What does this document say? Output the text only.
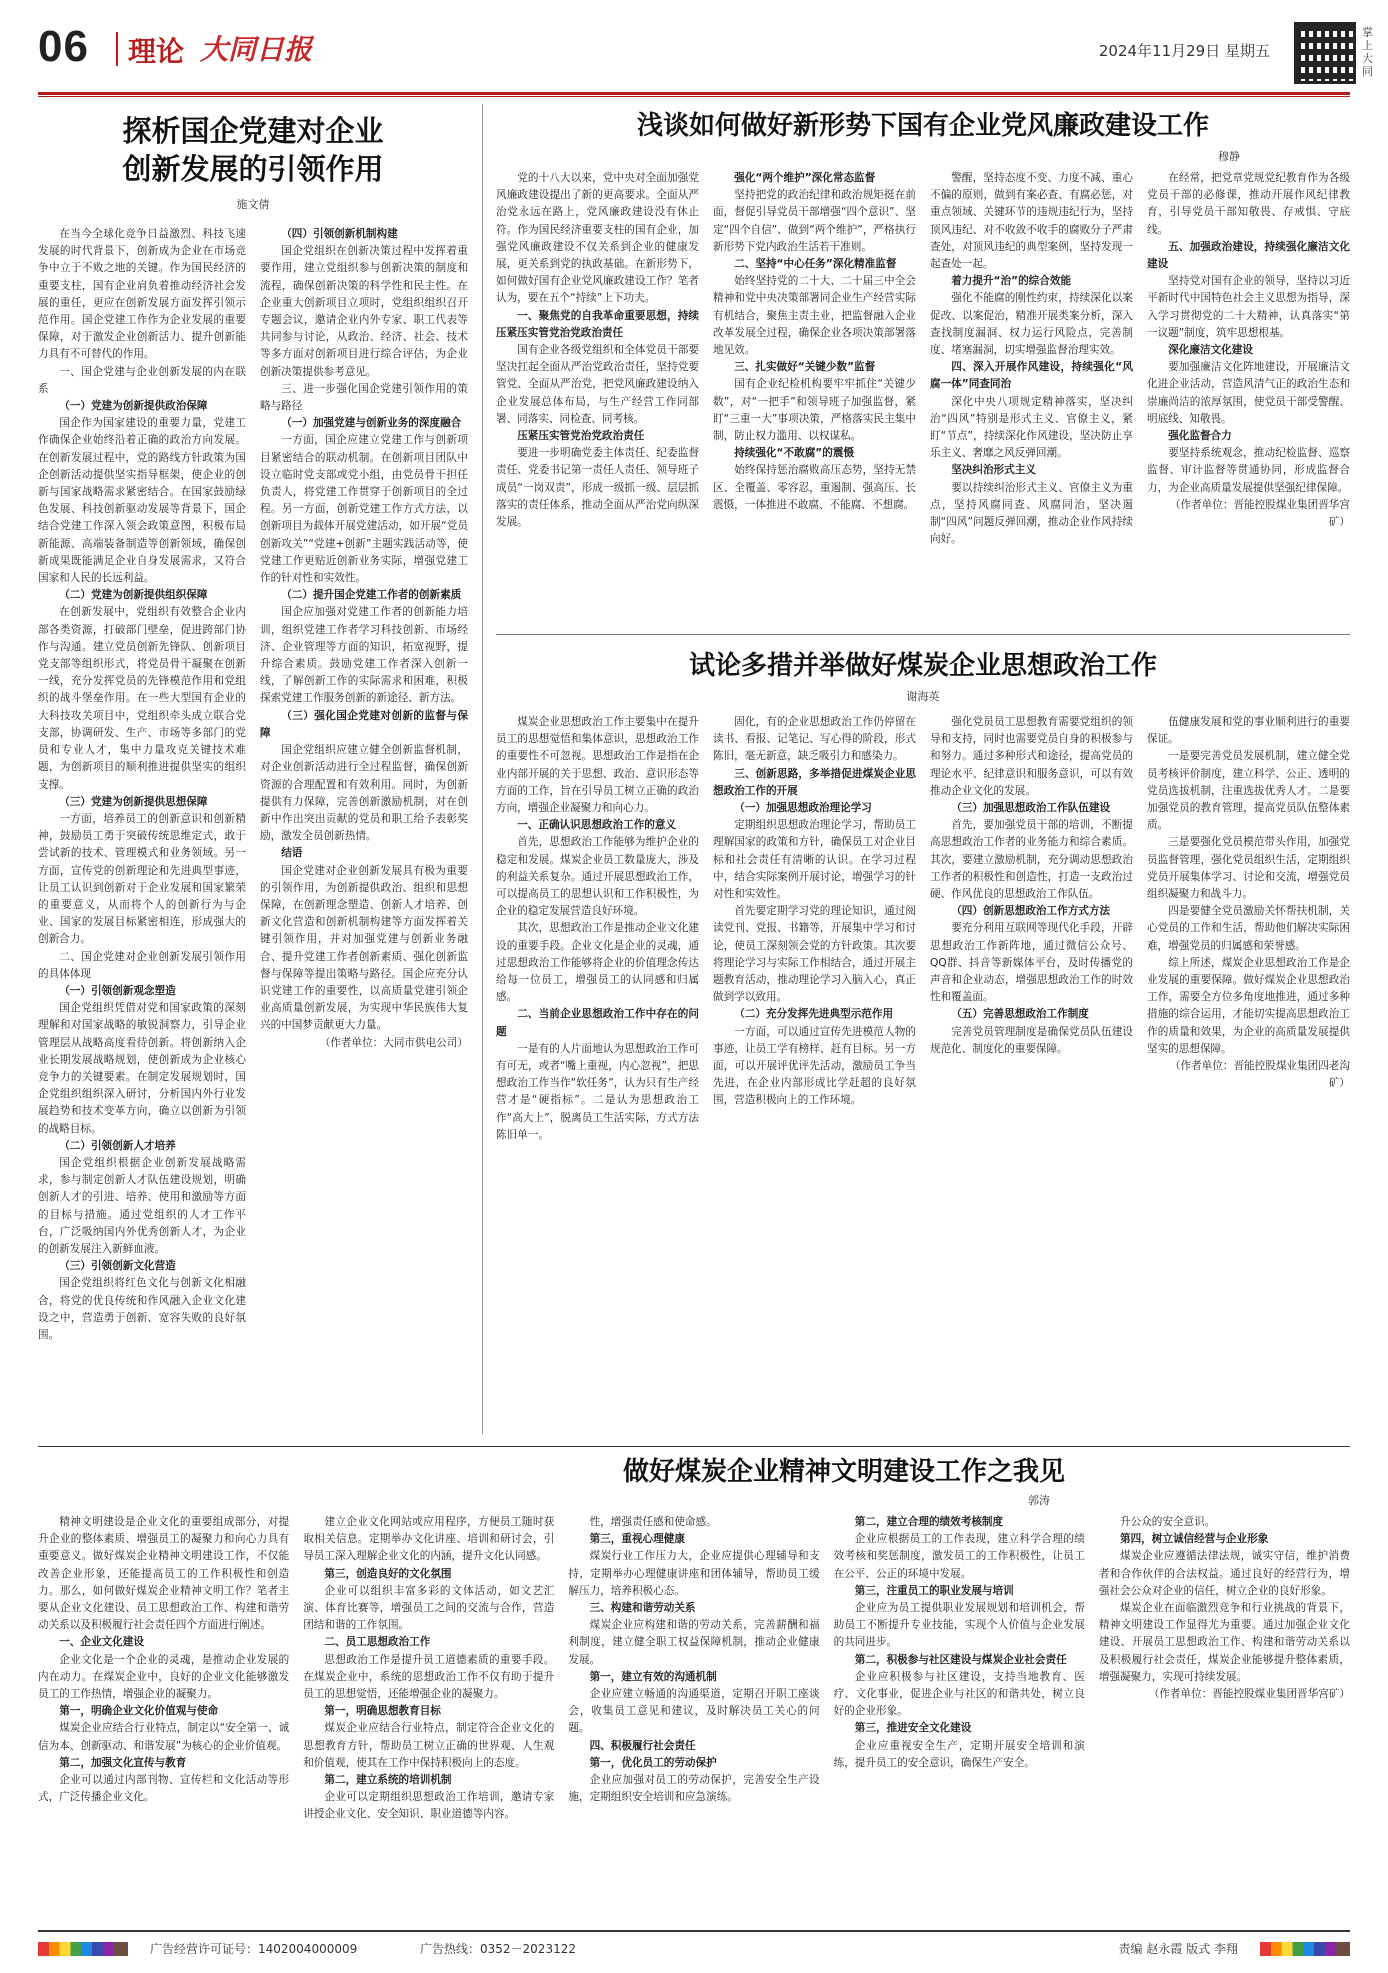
06 理论 大同日报	2024年11月29日 星期五
掌上大同
探析国企党建对企业
创新发展的引领作用
施文倩

在当今全球化竞争日益激烈、科技飞速发展的时代背景下，创新成为企业在市场竞争中立于不败之地的关键。作为国民经济的重要支柱，国有企业肩负着推动经济社会发展的重任，更应在创新发展方面发挥引领示范作用。国企党建工作作为企业发展的重要保障，对于激发企业创新活力、提升创新能力具有不可替代的作用。

一、国企党建与企业创新发展的内在联系

（一）党建为创新提供政治保障

国企作为国家建设的重要力量，党建工作确保企业始终沿着正确的政治方向发展。在创新发展过程中，党的路线方针政策为国企创新活动提供坚实指导框架，使企业的创新与国家战略需求紧密结合。在国家鼓励绿色发展、科技创新驱动发展等背景下，国企结合党建工作深入领会政策意图，积极布局新能源、高端装备制造等创新领域，确保创新成果既能满足企业自身发展需求，又符合国家和人民的长远利益。

（二）党建为创新提供组织保障

在创新发展中，党组织有效整合企业内部各类资源，打破部门壁垒，促进跨部门协作与沟通。建立党员创新先锋队、创新项目党支部等组织形式，将党员骨干凝聚在创新一线，充分发挥党员的先锋模范作用和党组织的战斗堡垒作用。在一些大型国有企业的大科技攻关项目中，党组织牵头成立联合党支部，协调研发、生产、市场等多部门的党员和专业人才，集中力量攻克关键技术难题，为创新项目的顺利推进提供坚实的组织支撑。

（三）党建为创新提供思想保障

一方面，培养员工的创新意识和创新精神，鼓励员工勇于突破传统思维定式，敢于尝试新的技术、管理模式和业务领域。另一方面，宣传党的创新理论和先进典型事迹，让员工认识到创新对于企业发展和国家繁荣的重要意义，从而将个人的创新行为与企业、国家的发展目标紧密相连，形成强大的创新合力。

二、国企党建对企业创新发展引领作用的具体体现

（一）引领创新观念塑造

国企党组织凭借对党和国家政策的深刻理解和对国家战略的敏锐洞察力，引导企业管理层从战略高度看待创新。将创新纳入企业长期发展战略规划，使创新成为企业核心竞争力的关键要素。在制定发展规划时，国企党组织组织深入研讨，分析国内外行业发展趋势和技术变革方向，确立以创新为引领的战略目标。

（二）引领创新人才培养

国企党组织根据企业创新发展战略需求，参与制定创新人才队伍建设规划，明确创新人才的引进、培养、使用和激励等方面的目标与措施。通过党组织的人才工作平台，广泛吸纳国内外优秀创新人才，为企业的创新发展注入新鲜血液。

（三）引领创新文化营造

国企党组织将红色文化与创新文化相融合，将党的优良传统和作风融入企业文化建设之中，营造勇于创新、宽容失败的良好氛围。

（四）引领创新机制构建

国企党组织在创新决策过程中发挥着重要作用，建立党组织参与创新决策的制度和流程，确保创新决策的科学性和民主性。在企业重大创新项目立项时，党组织组织召开专题会议，邀请企业内外专家、职工代表等共同参与讨论，从政治、经济、社会、技术等多方面对创新项目进行综合评估，为企业创新决策提供参考意见。

三、进一步强化国企党建引领作用的策略与路径

（一）加强党建与创新业务的深度融合

一方面，国企应建立党建工作与创新项目紧密结合的联动机制。在创新项目团队中设立临时党支部或党小组，由党员骨干担任负责人，将党建工作贯穿于创新项目的全过程。另一方面，创新党建工作方式方法，以创新项目为载体开展党建活动，如开展“党员创新攻关”“党建+创新”主题实践活动等，使党建工作更贴近创新业务实际，增强党建工作的针对性和实效性。

（二）提升国企党建工作者的创新素质

国企应加强对党建工作者的创新能力培训，组织党建工作者学习科技创新、市场经济、企业管理等方面的知识，拓宽视野，提升综合素质。鼓励党建工作者深入创新一线，了解创新工作的实际需求和困难，积极探索党建工作服务创新的新途径、新方法。

（三）强化国企党建对创新的监督与保障

国企党组织应建立健全创新监督机制，对企业创新活动进行全过程监督，确保创新资源的合理配置和有效利用。同时，为创新提供有力保障，完善创新激励机制，对在创新中作出突出贡献的党员和职工给予表彰奖励，激发全员创新热情。

结语

国企党建对企业创新发展具有极为重要的引领作用，为创新提供政治、组织和思想保障，在创新理念塑造、创新人才培养、创新文化营造和创新机制构建等方面发挥着关键引领作用，并对加强党建与创新业务融合、提升党建工作者创新素质、强化创新监督与保障等提出策略与路径。国企应充分认识党建工作的重要性，以高质量党建引领企业高质量创新发展，为实现中华民族伟大复兴的中国梦贡献更大力量。

（作者单位：大同市供电公司）

浅谈如何做好新形势下国有企业党风廉政建设工作
穆静

党的十八大以来，党中央对全面加强党风廉政建设提出了新的更高要求。全面从严治党永远在路上，党风廉政建设没有休止符。作为国民经济重要支柱的国有企业，加强党风廉政建设不仅关系到企业的健康发展，更关系到党的执政基础。在新形势下，如何做好国有企业党风廉政建设工作？笔者认为，要在五个“持续”上下功夫。

一、聚焦党的自我革命重要思想，持续压紧压实管党治党政治责任

国有企业各级党组织和全体党员干部要坚决扛起全面从严治党政治责任，坚持党要管党、全面从严治党，把党风廉政建设纳入企业发展总体布局，与生产经营工作同部署、同落实、同检查、同考核。

压紧压实管党治党政治责任

要进一步明确党委主体责任、纪委监督责任、党委书记第一责任人责任、领导班子成员“一岗双责”，形成一级抓一级、层层抓落实的责任体系，推动全面从严治党向纵深发展。

强化“两个维护”深化常态监督

坚持把党的政治纪律和政治规矩挺在前面，督促引导党员干部增强“四个意识”、坚定“四个自信”、做到“两个维护”，严格执行新形势下党内政治生活若干准则。

二、坚持“中心任务”深化精准监督

始终坚持党的二十大、二十届三中全会精神和党中央决策部署同企业生产经营实际有机结合，聚焦主责主业，把监督融入企业改革发展全过程，确保企业各项决策部署落地见效。

三、扎实做好“关键少数”监督

国有企业纪检机构要牢牢抓住“关键少数”，对“一把手”和领导班子加强监督，紧盯“三重一大”事项决策，严格落实民主集中制，防止权力滥用、以权谋私。

持续强化“不敢腐”的震慑

始终保持惩治腐败高压态势，坚持无禁区、全覆盖、零容忍，重遏制、强高压、长震慑，一体推进不敢腐、不能腐、不想腐。

警醒，坚持态度不变、力度不减、重心不偏的原则，做到有案必查、有腐必惩，对重点领域、关键环节的违规违纪行为，坚持顶风违纪、对不收敛不收手的腐败分子严肃查处，对顶风违纪的典型案例，坚持发现一起查处一起。

着力提升“治”的综合效能

强化不能腐的刚性约束，持续深化以案促改、以案促治，精准开展类案分析，深入查找制度漏洞、权力运行风险点，完善制度、堵塞漏洞，切实增强监督治理实效。

四、深入开展作风建设，持续强化“风腐一体”同查同治

深化中央八项规定精神落实，坚决纠治“四风”特别是形式主义、官僚主义，紧盯“节点”，持续深化作风建设，坚决防止享乐主义、奢靡之风反弹回潮。

坚决纠治形式主义

要以持续纠治形式主义、官僚主义为重点，坚持风腐同查、风腐同治，坚决遏制“四风”问题反弹回潮，推动企业作风持续向好。

在经常，把党章党规党纪教育作为各级党员干部的必修课，推动开展作风纪律教育，引导党员干部知敬畏、存戒惧、守底线。

五、加强政治建设，持续强化廉洁文化建设

坚持党对国有企业的领导，坚持以习近平新时代中国特色社会主义思想为指导，深入学习贯彻党的二十大精神，认真落实“第一议题”制度，筑牢思想根基。

深化廉洁文化建设

要加强廉洁文化阵地建设，开展廉洁文化进企业活动，营造风清气正的政治生态和崇廉尚洁的浓厚氛围，使党员干部受警醒、明底线、知敬畏。

强化监督合力

要坚持系统观念，推动纪检监督、巡察监督、审计监督等贯通协同，形成监督合力，为企业高质量发展提供坚强纪律保障。

（作者单位：晋能控股煤业集团晋华宫矿）

试论多措并举做好煤炭企业思想政治工作
谢海英

煤炭企业思想政治工作主要集中在提升员工的思想觉悟和集体意识，思想政治工作的重要性不可忽视。思想政治工作是指在企业内部开展的关于思想、政治、意识形态等方面的工作，旨在引导员工树立正确的政治方向，增强企业凝聚力和向心力。

一、正确认识思想政治工作的意义

首先，思想政治工作能够为维护企业的稳定和发展。煤炭企业员工数量庞大，涉及的利益关系复杂。通过开展思想政治工作，可以提高员工的思想认识和工作积极性，为企业的稳定发展营造良好环境。

其次，思想政治工作是推动企业文化建设的重要手段。企业文化是企业的灵魂，通过思想政治工作能够将企业的价值理念传达给每一位员工，增强员工的认同感和归属感。

二、当前企业思想政治工作中存在的问题

一是有的人片面地认为思想政治工作可有可无，或者“嘴上重视，内心忽视”，把思想政治工作当作“软任务”，认为只有生产经营才是“硬指标”。二是认为思想政治工作“高大上”，脱离员工生活实际，方式方法陈旧单一。

固化，有的企业思想政治工作仍停留在读书、看报、记笔记、写心得的阶段，形式陈旧，毫无新意，缺乏吸引力和感染力。

三、创新思路，多举措促进煤炭企业思想政治工作的开展

（一）加强思想政治理论学习

定期组织思想政治理论学习，帮助员工理解国家的政策和方针，确保员工对企业目标和社会责任有清晰的认识。在学习过程中，结合实际案例开展讨论，增强学习的针对性和实效性。

首先要定期学习党的理论知识，通过阅读党刊、党报、书籍等，开展集中学习和讨论，使员工深刻领会党的方针政策。其次要将理论学习与实际工作相结合，通过开展主题教育活动，推动理论学习入脑入心，真正做到学以致用。

（二）充分发挥先进典型示范作用

一方面，可以通过宣传先进模范人物的事迹，让员工学有榜样、赶有目标。另一方面，可以开展评优评先活动，激励员工争当先进，在企业内部形成比学赶超的良好氛围，营造积极向上的工作环境。

强化党员员工思想教育需要党组织的领导和支持，同时也需要党员自身的积极参与和努力。通过多种形式和途径，提高党员的理论水平、纪律意识和服务意识，可以有效推动企业文化的发展。

（三）加强思想政治工作队伍建设

首先，要加强党员干部的培训，不断提高思想政治工作者的业务能力和综合素质。其次，要建立激励机制，充分调动思想政治工作者的积极性和创造性，打造一支政治过硬、作风优良的思想政治工作队伍。

（四）创新思想政治工作方式方法

要充分利用互联网等现代化手段，开辟思想政治工作新阵地，通过微信公众号、QQ群、抖音等新媒体平台，及时传播党的声音和企业动态，增强思想政治工作的时效性和覆盖面。

（五）完善思想政治工作制度

完善党员管理制度是确保党员队伍建设规范化、制度化的重要保障。

伍健康发展和党的事业顺利进行的重要保证。

一是要完善党员发展机制，建立健全党员考核评价制度，建立科学、公正、透明的党员选拔机制，注重选拔优秀人才。二是要加强党员的教育管理，提高党员队伍整体素质。

三是要强化党员模范带头作用，加强党员监督管理，强化党员组织生活，定期组织党员开展集体学习、讨论和交流，增强党员组织凝聚力和战斗力。

四是要健全党员激励关怀帮扶机制，关心党员的工作和生活，帮助他们解决实际困难，增强党员的归属感和荣誉感。

综上所述，煤炭企业思想政治工作是企业发展的重要保障。做好煤炭企业思想政治工作，需要全方位多角度地推进，通过多种措施的综合运用，才能切实提高思想政治工作的质量和效果，为企业的高质量发展提供坚实的思想保障。

（作者单位：晋能控股煤业集团四老沟矿）

做好煤炭企业精神文明建设工作之我见
郭涛

精神文明建设是企业文化的重要组成部分，对提升企业的整体素质、增强员工的凝聚力和向心力具有重要意义。做好煤炭企业精神文明建设工作，不仅能改善企业形象，还能提高员工的工作积极性和创造力。那么，如何做好煤炭企业精神文明工作？笔者主要从企业文化建设、员工思想政治工作、构建和谐劳动关系以及积极履行社会责任四个方面进行阐述。

一、企业文化建设

企业文化是一个企业的灵魂，是推动企业发展的内在动力。在煤炭企业中，良好的企业文化能够激发员工的工作热情，增强企业的凝聚力。

第一，明确企业文化价值观与使命

煤炭企业应结合行业特点，制定以“安全第一、诚信为本、创新驱动、和谐发展”为核心的企业价值观。

第二，加强文化宣传与教育

企业可以通过内部刊物、宣传栏和文化活动等形式，广泛传播企业文化。

建立企业文化网站或应用程序，方便员工随时获取相关信息。定期举办文化讲座、培训和研讨会，引导员工深入理解企业文化的内涵，提升文化认同感。

第三，创造良好的文化氛围

企业可以组织丰富多彩的文体活动，如文艺汇演、体育比赛等，增强员工之间的交流与合作，营造团结和谐的工作氛围。

二、员工思想政治工作

思想政治工作是提升员工道德素质的重要手段。在煤炭企业中，系统的思想政治工作不仅有助于提升员工的思想觉悟，还能增强企业的凝聚力。

第一，明确思想教育目标

煤炭企业应结合行业特点，制定符合企业文化的思想教育方针，帮助员工树立正确的世界观、人生观和价值观，使其在工作中保持积极向上的态度。

第二，建立系统的培训机制

企业可以定期组织思想政治工作培训，邀请专家讲授企业文化、安全知识、职业道德等内容。

性，增强责任感和使命感。

第三，重视心理健康

煤炭行业工作压力大，企业应提供心理辅导和支持，定期举办心理健康讲座和团体辅导，帮助员工缓解压力，培养积极心态。

三、构建和谐劳动关系

煤炭企业应构建和谐的劳动关系，完善薪酬和福利制度，建立健全职工权益保障机制，推动企业健康发展。

第一，建立有效的沟通机制

企业应建立畅通的沟通渠道，定期召开职工座谈会，收集员工意见和建议，及时解决员工关心的问题。

四、积极履行社会责任

第一，优化员工的劳动保护

企业应加强对员工的劳动保护，完善安全生产设施，定期组织安全培训和应急演练。

第二，建立合理的绩效考核制度

企业应根据员工的工作表现，建立科学合理的绩效考核和奖惩制度，激发员工的工作积极性，让员工在公平、公正的环境中发展。

第三，注重员工的职业发展与培训

企业应为员工提供职业发展规划和培训机会，帮助员工不断提升专业技能，实现个人价值与企业发展的共同进步。

第二，积极参与社区建设与煤炭企业社会责任

企业应积极参与社区建设，支持当地教育、医疗、文化事业，促进企业与社区的和谐共处，树立良好的企业形象。

第三，推进安全文化建设

企业应重视安全生产，定期开展安全培训和演练，提升员工的安全意识，确保生产安全。

升公众的安全意识。

第四，树立诚信经营与企业形象

煤炭企业应遵循法律法规，诚实守信，维护消费者和合作伙伴的合法权益。通过良好的经营行为，增强社会公众对企业的信任，树立企业的良好形象。

煤炭企业在面临激烈竞争和行业挑战的背景下，精神文明建设工作显得尤为重要。通过加强企业文化建设、开展员工思想政治工作、构建和谐劳动关系以及积极履行社会责任，煤炭企业能够提升整体素质，增强凝聚力，实现可持续发展。

（作者单位：晋能控股煤业集团晋华宫矿）

广告经营许可证号：1402004000009	广告热线：0352－2023122	责编 赵永霞 版式 李翔
